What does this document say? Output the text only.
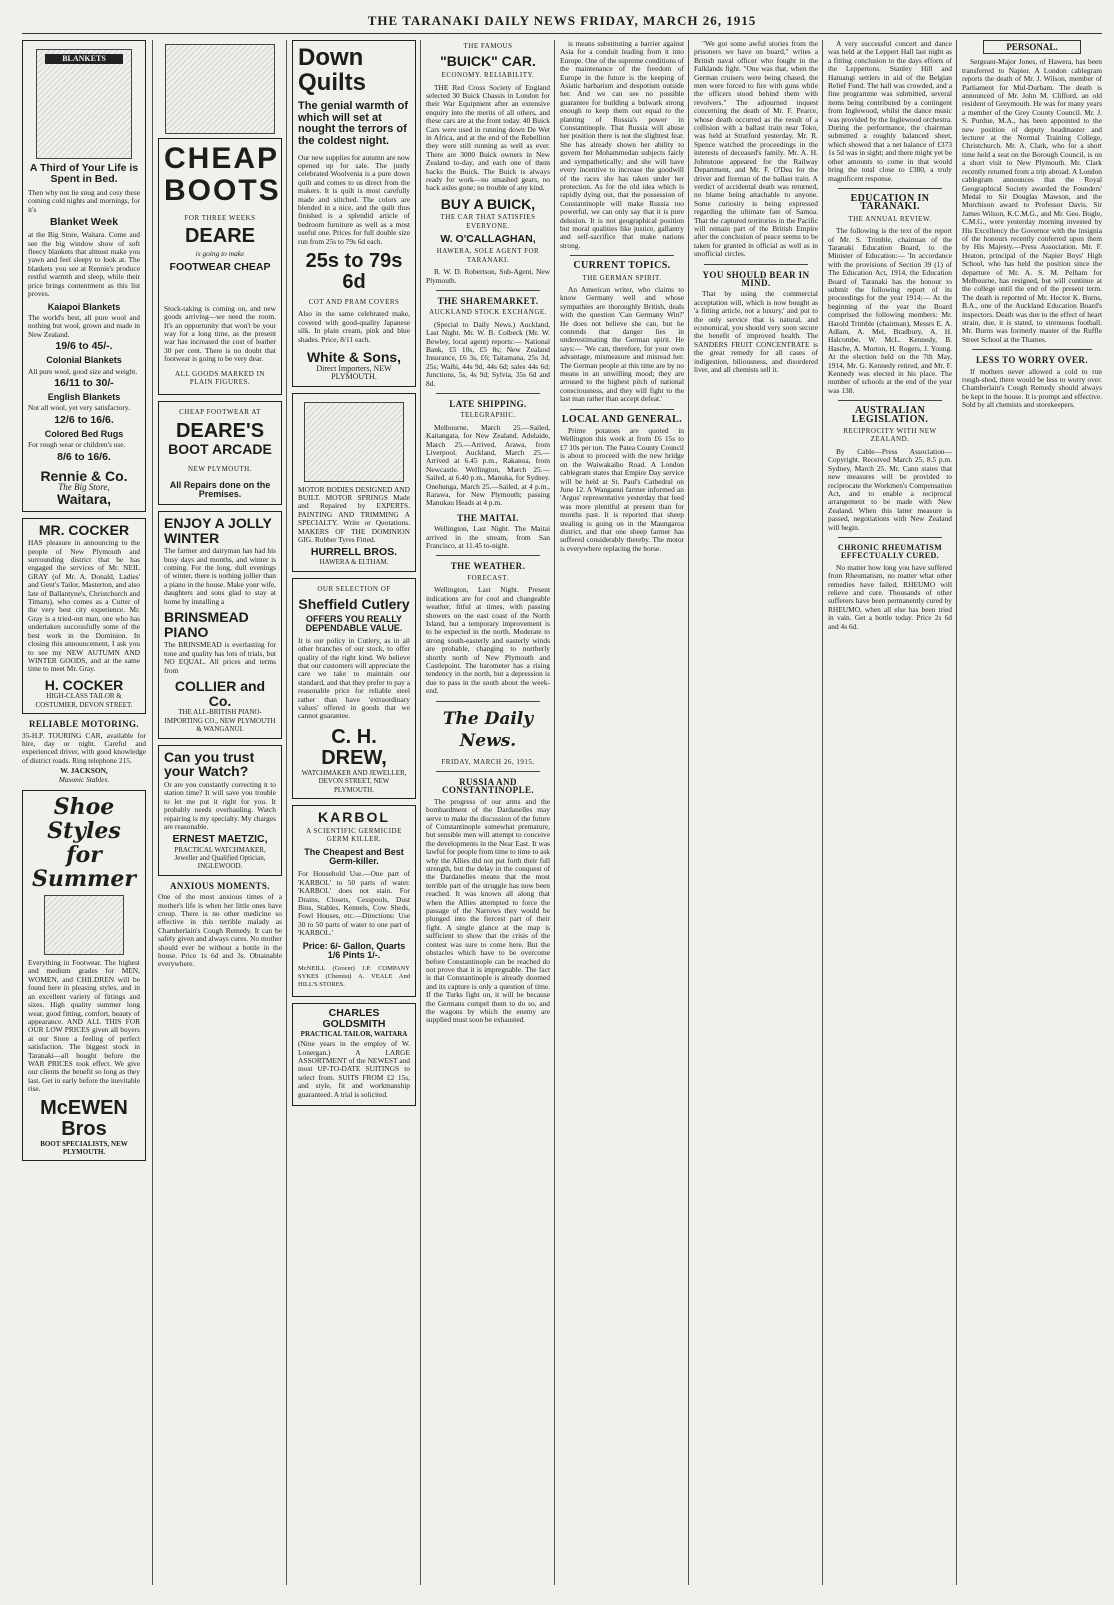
THE TARANAKI DAILY NEWS FRIDAY, MARCH 26, 1915
BLANKETS
A Third of Your Life is Spent in Bed.

Then why not lie snug and cosy these coming cold nights and mornings, for it's

Blanket Week

at the Big Store, Waitara. Come and see the big window show of soft fleecy blankets that almost make you yawn and feel sleepy to look at. The blankets you see at Rennie's produce restful warmth and sleep, while their price brings contentment as this list proves.

Kaiapoi Blankets

The world's best, all pure wool and nothing but wool, grown and made in New Zealand.

19/6 to 45/-.
Colonial Blankets

All pure wool, good size and weight.

16/11 to 30/-
English Blankets

Not all wool, yet very satisfactory.

12/6 to 16/6.
Colored Bed Rugs

For rough wear or children's use.

8/6 to 16/6.
Rennie & Co.
The Big Store,
Waitara,
MR. COCKER

HAS pleasure in announcing to the people of New Plymouth and surrounding district that he has engaged the services of Mr. NEIL GRAY (of Mr. A. Donald, Ladies' and Gent's Tailor, Masterton, and also late of Ballantyne's, Christchurch and Timaru), who comes as a Cutter of the very best city experience. Mr. Gray is a tried-out man, one who has undertaken successfully some of the best work in the Dominion. In closing this announcement, I ask you to see my NEW AUTUMN AND WINTER GOODS, and at the same time to meet Mr. Gray.

H. COCKER
HIGH-CLASS TAILOR & COSTUMIER, DEVON STREET.
RELIABLE MOTORING.

35-H.P. TOURING CAR, available for hire, day or night. Careful and experienced driver, with good knowledge of district roads. Ring telephone 215.

W. JACKSON,
Masonic Stables.
Shoe Styles for Summer

Everything in Footwear. The highest and medium grades for MEN, WOMEN, and CHILDREN will be found here in pleasing styles, and in an excellent variety of fittings and sizes. High quality summer long wear, good fitting, comfort, beauty of appearance. AND ALL THIS FOR OUR LOW PRICES given all buyers at our Store a feeling of perfect satisfaction. The biggest stock in Taranaki—all bought before the WAR PRICES took effect. We give our clients the benefit so long as they last. Get in early before the inevitable rise.

McEWEN Bros
BOOT SPECIALISTS, NEW PLYMOUTH.
CHEAP
BOOTS
FOR THREE WEEKS
DEARE
is going to make
FOOTWEAR CHEAP

Stock-taking is coming on, and new goods arriving—we need the room. It's an opportunity that won't be your way for a long time, as the present war has increased the cost of leather 30 per cent. There is no doubt that footwear is going to be very dear.

ALL GOODS MARKED IN PLAIN FIGURES.
CHEAP FOOTWEAR AT
DEARE'S
BOOT ARCADE
NEW PLYMOUTH.
All Repairs done on the Premises.
ENJOY A JOLLY WINTER

The farmer and dairyman has had his busy days and months, and winter is coming. For the long, dull evenings of winter, there is nothing jollier than a piano in the house. Make your wife, daughters and sons glad to stay at home by installing a

BRINSMEAD PIANO

The BRINSMEAD is everlasting for tone and quality has lots of trials, but NO EQUAL. All prices and terms from

COLLIER and Co.
THE ALL-BRITISH PIANO-IMPORTING CO., NEW PLYMOUTH & WANGANUI.
Can you trust your Watch?

Or are you constantly correcting it to station time? It will save you trouble to let me put it right for you. It probably needs overhauling. Watch repairing is my specialty. My charges are reasonable.

ERNEST MAETZIC,
PRACTICAL WATCHMAKER, Jeweller and Qualified Optician, INGLEWOOD.
ANXIOUS MOMENTS.

One of the most anxious times of a mother's life is when her little ones have croup. There is no other medicine so effective in this terrible malady as Chamberlain's Cough Remedy. It can be safely given and always cures. No mother should ever be without a bottle in the house. Price 1s 6d and 3s. Obtainable everywhere.

Down Quilts
The genial warmth of which will set at nought the terrors of the coldest night.

Our new supplies for autumn are now opened up for sale. The justly celebrated Woolvenia is a pure down quilt and comes to us direct from the makers. It is quilt is most carefully made and stitched. The colors are blended in a nice, and the quilt thus finished is a splendid article of bedroom furniture as well as a most useful one. Prices for full double size run from 25s to 79s 6d each.

25s to 79s 6d
COT AND PRAM COVERS

Also in the same celebrated make, covered with good-quality Japanese silk. In plain cream, pink and blue shades. Price, 8/11 each.

White & Sons,
Direct Importers, NEW PLYMOUTH.

MOTOR BODIES DESIGNED AND BUILT. MOTOR SPRINGS Made and Repaired by EXPERTS. PAINTING AND TRIMMING A SPECIALTY. Write or Quotations. MAKERS OF THE DOMINION GIG. Rubber Tyres Fitted.

HURRELL BROS.
HAWERA & ELTHAM.
OUR SELECTION OF
Sheffield Cutlery
OFFERS YOU REALLY DEPENDABLE VALUE.

It is our policy in Cutlery, as in all other branches of our stock, to offer quality of the right kind. We believe that our customers will appreciate the care we take to maintain our standard, and that they prefer to pay a reasonable price for reliable steel rather than have 'extraordinary values' offered in goods that we cannot guarantee.

C. H. DREW,
WATCHMAKER AND JEWELLER, DEVON STREET, NEW PLYMOUTH.
KARBOL
A SCIENTIFIC GERMICIDE GERM KILLER.
The Cheapest and Best Germ-killer.

For Household Use.—One part of 'KARBOL' to 50 parts of water. 'KARBOL' does not stain. For Drains, Closets, Cesspools, Dust Bins, Stables, Kennels, Cow Sheds, Fowl Houses, etc.—Directions: Use 30 to 50 parts of water to one part of 'KARBOL.'

Price: 6/- Gallon, Quarts 1/6 Pints 1/-.

McNEILL (Grocer) J.P. COMPANY SYKES (Chemist) A. VEALE And HILL'S STORES.

CHARLES GOLDSMITH
PRACTICAL TAILOR, WAITARA

(Nine years in the employ of W. Lonergan.) A LARGE ASSORTMENT of the NEWEST and most UP-TO-DATE SUITINGS to select from. SUITS FROM £2 15s, and style, fit and workmanship guaranteed. A trial is solicited.

THE FAMOUS
"BUICK" CAR.
ECONOMY. RELIABILITY.

THE Red Cross Society of England selected 30 Buick Chassis in London for their War Equipment after an extensive enquiry into the merits of all others, and these cars are at the front today. 40 Buick Cars were used in running down De Wet in Africa, and at the end of the Rebellion they were still running as well as ever. There are 3000 Buick owners in New Zealand to-day, and each one of them backs the Buick. The Buick is always ready for work—no smashed gears, no back axles gone; no trouble of any kind.

BUY A BUICK,
THE CAR THAT SATISFIES EVERYONE.
W. O'CALLAGHAN,
HAWERA, SOLE AGENT FOR TARANAKI.

R. W. D. Robertson, Sub-Agent, New Plymouth.

THE SHAREMARKET.
AUCKLAND STOCK EXCHANGE.

(Special to Daily News.) Auckland, Last Night. Mr. W. B. Colbeck (Mr. W. Bewley, local agent) reports:— National Bank, £5 10s, £5 8s; New Zealand Insurance, £6 3s, £6; Taitamana, 25s 3d, 25s; Waihi, 44s 9d, 44s 6d; sales 44s 6d; Junctions, 5s, 4s 9d; Sylvia, 35s 6d and 8d.

LATE SHIPPING.
TELEGRAPHIC.

Melbourne, March 25.—Sailed, Kaitangata, for New Zealand. Adelaide, March 25.—Arrived, Arawa, from Liverpool. Auckland, March 25.—Arrived at 6.45 p.m., Rakanoa, from Newcastle. Wellington, March 25.—Sailed, at 6.40 p.m., Manuka, for Sydney. Onehunga, March 25.—Sailed, at 4 p.m., Rarawa, for New Plymouth; passing Manukau Heads at 4 p.m.

THE MAITAI.

Wellington, Last Night. The Maitai arrived in the stream, from San Francisco, at 11.45 to-night.

THE WEATHER.
FORECAST.

Wellington, Last Night. Present indications are for cool and changeable weather, fitful at times, with passing showers on the east coast of the North Island, but a temporary improvement is to be expected in the north. Moderate to strong south-easterly and easterly winds are probable, changing to northerly shortly north of New Plymouth and Castlepoint. The barometer has a rising tendency in the north, but a depression is due to pass in the south about the week-end.

The Daily News.
FRIDAY, MARCH 26, 1915.
RUSSIA AND CONSTANTINOPLE.

The progress of our arms and the bombardment of the Dardanelles may serve to make the discussion of the future of Constantinople somewhat premature, but sensible men will attempt to conceive the developments in the Near East. It was lawful for people from time to time to ask why the Allies did not put forth their full strength, but the delay in the conquest of the Dardanelles means that the most terrible part of the struggle has now been reached. It was known all along that when the Allies attempted to force the passage of the Narrows they would be plunged into the fiercest part of their fight. A single glance at the map is sufficient to show that the crisis of the contest was sure to come here. But the obstacles which have to be overcome before Constantinople can be reached do not prove that it is impregnable. The fact is that Constantinople is already doomed and its capture is only a question of time. If the Turks fight on, it will be because the Germans compel them to do so, and the wagons by which the enemy are supplied must soon be exhausted.

is means substituting a barrier against Asia for a conduit leading from it into Europe. One of the supreme conditions of the maintenance of the freedom of Europe in the future is the keeping of Asiatic barbarism and despotism outside her. And we can see no possible guarantee for building a bulwark strong enough to keep them out equal to the planting of Russia's power in Constantinople. That Russia will abuse her position there is not the slightest fear. She has already shown her ability to govern her Mohammedan subjects fairly and sympathetically; and she will have every incentive to increase the goodwill of the races she has taken under her protection. As for the old idea which is rapidly dying out, that the possession of Constantinople will make Russia too powerful, we can only say that it is pure delusion. It is not geographical position but moral qualities like justice, gallantry and self-sacrifice that make nations strong.

CURRENT TOPICS.
THE GERMAN SPIRIT.

An American writer, who claims to know Germany well and whose sympathies are thoroughly British, deals with the question 'Can Germany Win?' He does not believe she can, but he contends that danger lies in underestimating the German spirit. He says:— 'We can, therefore, for your own advantage, mismeasure and misread her. The German people at this time are by no means in an unwilling mood; they are aroused to the highest pitch of national consciousness, and they will fight to the last man rather than accept defeat.'

LOCAL AND GENERAL.

Prime potatoes are quoted in Wellington this week at from £6 15s to £7 10s per ton. The Patea County Council is about to proceed with the new bridge on the Waiwakaiho Road. A London cablegram states that Empire Day service will be held at St. Paul's Cathedral on June 12. A Wanganui farmer informed an 'Argus' representative yesterday that feed was more plentiful at present than for months past. It is reported that sheep stealing is going on in the Maungaroa district, and that one sheep farmer has suffered considerably thereby. The motor is everywhere replacing the horse.

"We got some awful stories from the prisoners we have on board," writes a British naval officer who fought in the Falklands fight. "One was that, when the German cruisers were being chased, the men were forced to fire with guns while the officers stood behind them with revolvers." The adjourned inquest concerning the death of Mr. F. Pearce, whose death occurred as the result of a collision with a ballast train near Toko, was held at Stratford yesterday. Mr. R. Spence watched the proceedings in the interests of deceased's family. Mr. A. H. Johnstone appeared for the Railway Department, and Mr. F. O'Dea for the driver and fireman of the ballast train. A verdict of accidental death was returned, no blame being attachable to anyone. Some curiosity is being expressed regarding the ultimate fate of Samoa. That the captured territories in the Pacific will remain part of the British Empire after the conclusion of peace seems to be taken for granted in official as well as in unofficial circles.

YOU SHOULD BEAR IN MIND.

That by using the commercial acceptation will, which is now bought as 'a fitting article, not a luxury,' and put to the only service that is natural, and economical, you should very soon secure the benefit of improved health. The SANDERS FRUIT CONCENTRATE is the great remedy for all cases of indigestion, biliousness, and disordered liver, and all chemists sell it.

A very successful concert and dance was held at the Leppert Hall last night as a fitting conclusion to the days efforts of the Leppertons. Stanley Hill and Hatuangi settlers in aid of the Belgian Relief Fund. The hall was crowded, and a fine programme was submitted, several items being contributed by a contingent from Inglewood, whilst the dance music was provided by the Inglewood orchestra. During the performance, the chairman submitted a roughly balanced sheet, which showed that a net balance of £373 1s 5d was in sight; and there might yet be other amounts to come in that would bring the total close to £380, a truly magnificent response.

EDUCATION IN TARANAKI.
THE ANNUAL REVIEW.

The following is the text of the report of Mr. S. Trimble, chairman of the Taranaki Education Board, to the Minister of Education:— 'In accordance with the provisions of Section 39 (1) of The Education Act, 1914, the Education Board of Taranaki has the honour to submit the following report of its proceedings for the year 1914:— At the beginning of the year the Board comprised the following members: Mr. Harold Trimble (chairman), Messrs E. A. Adlam, A. Mel, Bradbury, A. H. Halcombe, W. McL. Kennedy, B. Hasche, A. Morton, H. Rogers, J. Young. At the election held on the 7th May, 1914, Mr. G. Kennedy retired, and Mr. F. Kennedy was elected in his place. The number of schools at the end of the year was 138.

AUSTRALIAN LEGISLATION.
RECIPROCITY WITH NEW ZEALAND.

By Cable—Press Association—Copyright. Received March 25, 8.5 p.m. Sydney, March 25. Mr. Cann states that new measures will be provided to reciprocate the Workmen's Compensation Act, and to enable a reciprocal arrangement to be made with New Zealand. When this latter measure is passed, negotiations with New Zealand will begin.

CHRONIC RHEUMATISM EFFECTUALLY CURED.

No matter how long you have suffered from Rheumatism, no matter what other remedies have failed, RHEUMO will relieve and cure. Thousands of other sufferers have been permanently cured by RHEUMO, when all else has been tried in vain. Get a bottle today. Price 2s 6d and 4s 6d.

PERSONAL.

Sergeant-Major Jones, of Hawera, has been transferred to Napier. A London cablegram reports the death of Mr. J. Wilson, member of Parliament for Mid-Durham. The death is announced of Mr. John M. Clifford, an old resident of Greymouth. He was for many years a member of the Grey County Council. Mr. J. S. Purdue, M.A., has been appointed to the new position of deputy headmaster and lecturer at the Normal Training College, Christchurch. Mr. A. Clark, who for a short time held a seat on the Borough Council, is on a short visit to New Plymouth. Mr. Clark recently returned from a trip abroad. A London cablegram announces that the Royal Geographical Society awarded the Founders' Medal to Sir Douglas Mawson, and the Murchison award to Professor Davis. Sir James Wilson, K.C.M.G., and Mr. Geo. Bogle, C.M.G., were yesterday morning invested by His Excellency the Governor with the insignia of the honours recently conferred upon them by His Majesty.—Press Association. Mr. F. Heaton, principal of the Napier Boys' High School, who has held the position since the departure of Mr. A. S. M. Pelham for Melbourne, has resigned, but will continue at the college until the end of the present term. The death is reported of Mr. Hector K. Burns, B.A., one of the Auckland Education Board's inspectors. Death was due to the effect of heart strain, due, it is stated, to strenuous football. Mr. Burns was formerly master of the Ruffle Street School at the Thames.

LESS TO WORRY OVER.

If mothers never allowed a cold to run rough-shod, there would be less to worry over. Chamberlain's Cough Remedy should always be kept in the house. It is prompt and effective. Sold by all chemists and storekeepers.
